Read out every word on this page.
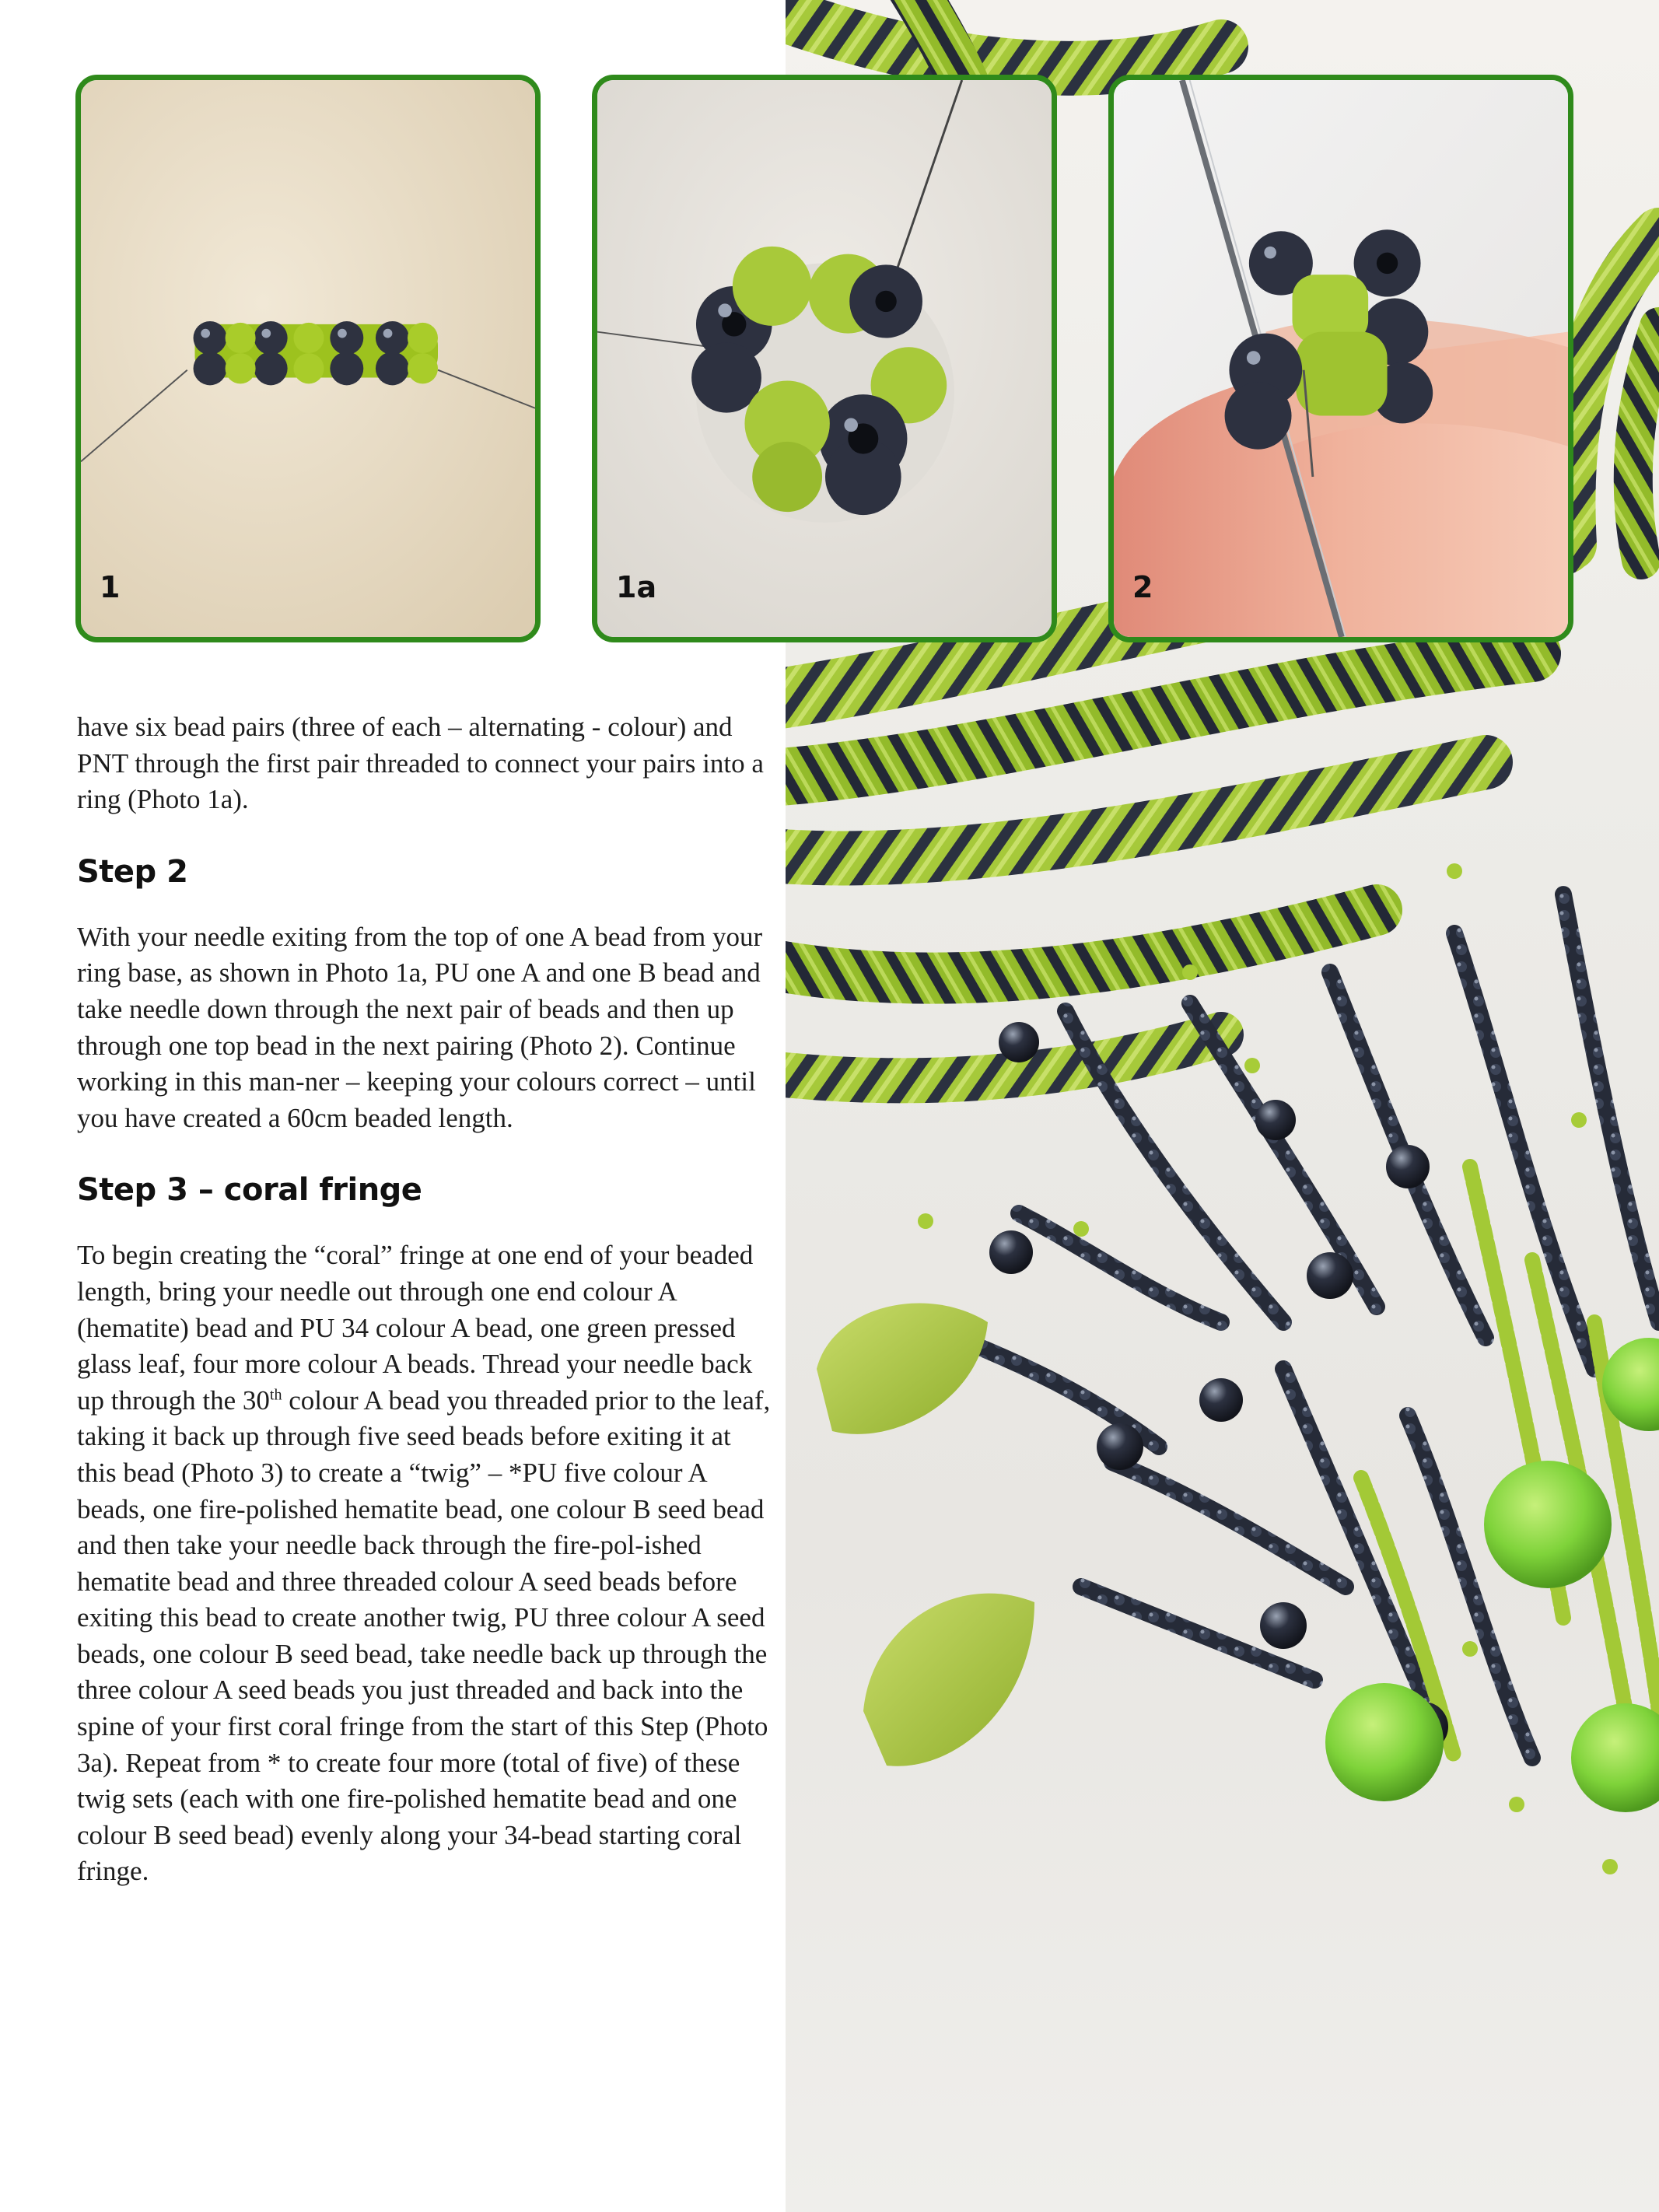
1	1a	2

have six bead pairs (three of each – alternating - colour) and PNT through the first pair threaded to connect your pairs into a ring (Photo 1a).

Step 2

With your needle exiting from the top of one A bead from your ring base, as shown in Photo 1a, PU one A and one B bead and take needle down through the next pair of beads and then up through one top bead in the next pairing (Photo 2). Continue working in this man-ner – keeping your colours correct – until you have created a 60cm beaded length.

Step 3 – coral fringe

To begin creating the “coral” fringe at one end of your beaded length, bring your needle out through one end colour A (hematite) bead and PU 34 colour A bead, one green pressed glass leaf, four more colour A beads. Thread your needle back up through the 30th colour A bead you threaded prior to the leaf, taking it back up through five seed beads before exiting it at this bead (Photo 3) to create a “twig” – *PU five colour A beads, one fire-polished hematite bead, one colour B seed bead and then take your needle back through the fire-pol-ished hematite bead and three threaded colour A seed beads before exiting this bead to create another twig, PU three colour A seed beads, one colour B seed bead, take needle back up through the three colour A seed beads you just threaded and back into the spine of your first coral fringe from the start of this Step (Photo 3a). Repeat from * to create four more (total of five) of these twig sets (each with one fire-polished hematite bead and one colour B seed bead) evenly along your 34-bead starting coral fringe.
